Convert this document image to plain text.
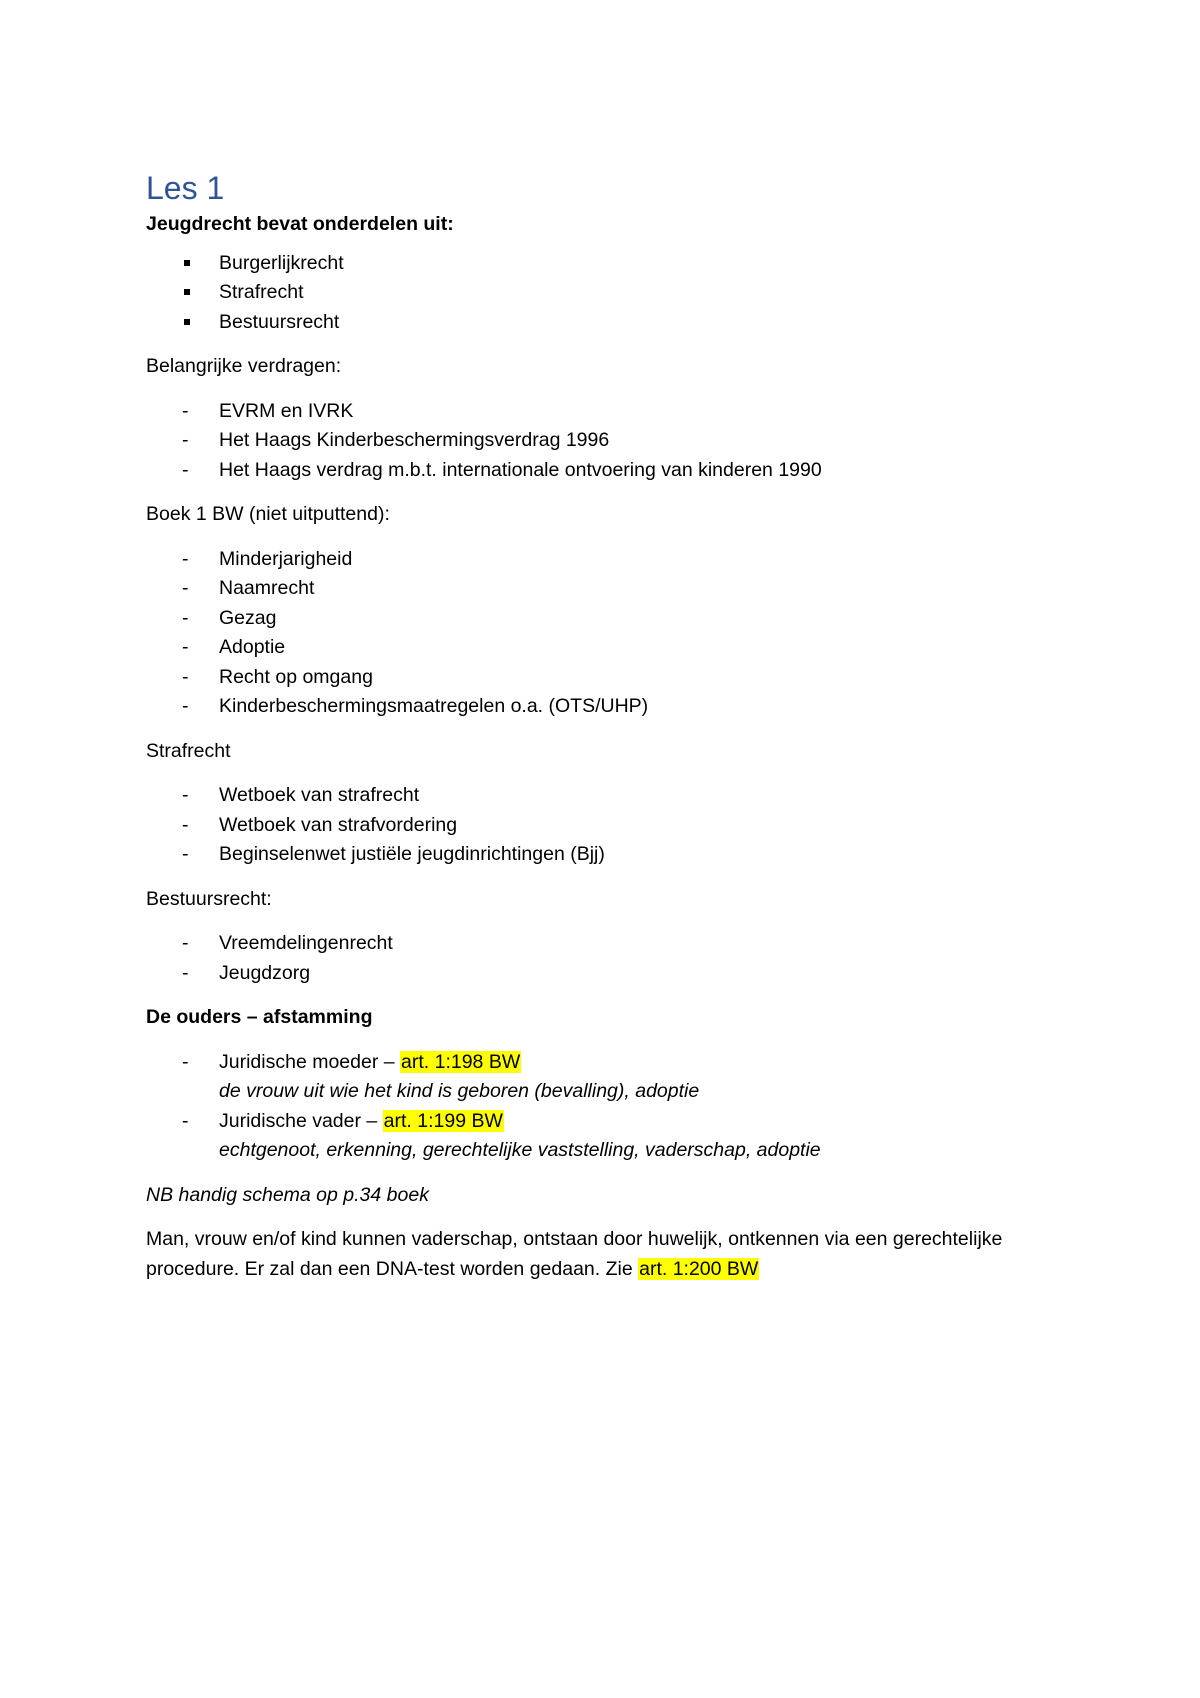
Les 1

Jeugdrecht bevat onderdelen uit:

Burgerlijkrecht
Strafrecht
Bestuursrecht

Belangrijke verdragen:

- EVRM en IVRK
- Het Haags Kinderbeschermingsverdrag 1996
- Het Haags verdrag m.b.t. internationale ontvoering van kinderen 1990

Boek 1 BW (niet uitputtend):

- Minderjarigheid
- Naamrecht
- Gezag
- Adoptie
- Recht op omgang
- Kinderbeschermingsmaatregelen o.a. (OTS/UHP)

Strafrecht

- Wetboek van strafrecht
- Wetboek van strafvordering
- Beginselenwet justiële jeugdinrichtingen (Bjj)

Bestuursrecht:

- Vreemdelingenrecht
- Jeugdzorg

De ouders – afstamming

- Juridische moeder – art. 1:198 BW
de vrouw uit wie het kind is geboren (bevalling), adoptie
- Juridische vader – art. 1:199 BW
echtgenoot, erkenning, gerechtelijke vaststelling, vaderschap, adoptie

NB handig schema op p.34 boek

Man, vrouw en/of kind kunnen vaderschap, ontstaan door huwelijk, ontkennen via een gerechtelijke procedure. Er zal dan een DNA-test worden gedaan. Zie art. 1:200 BW
